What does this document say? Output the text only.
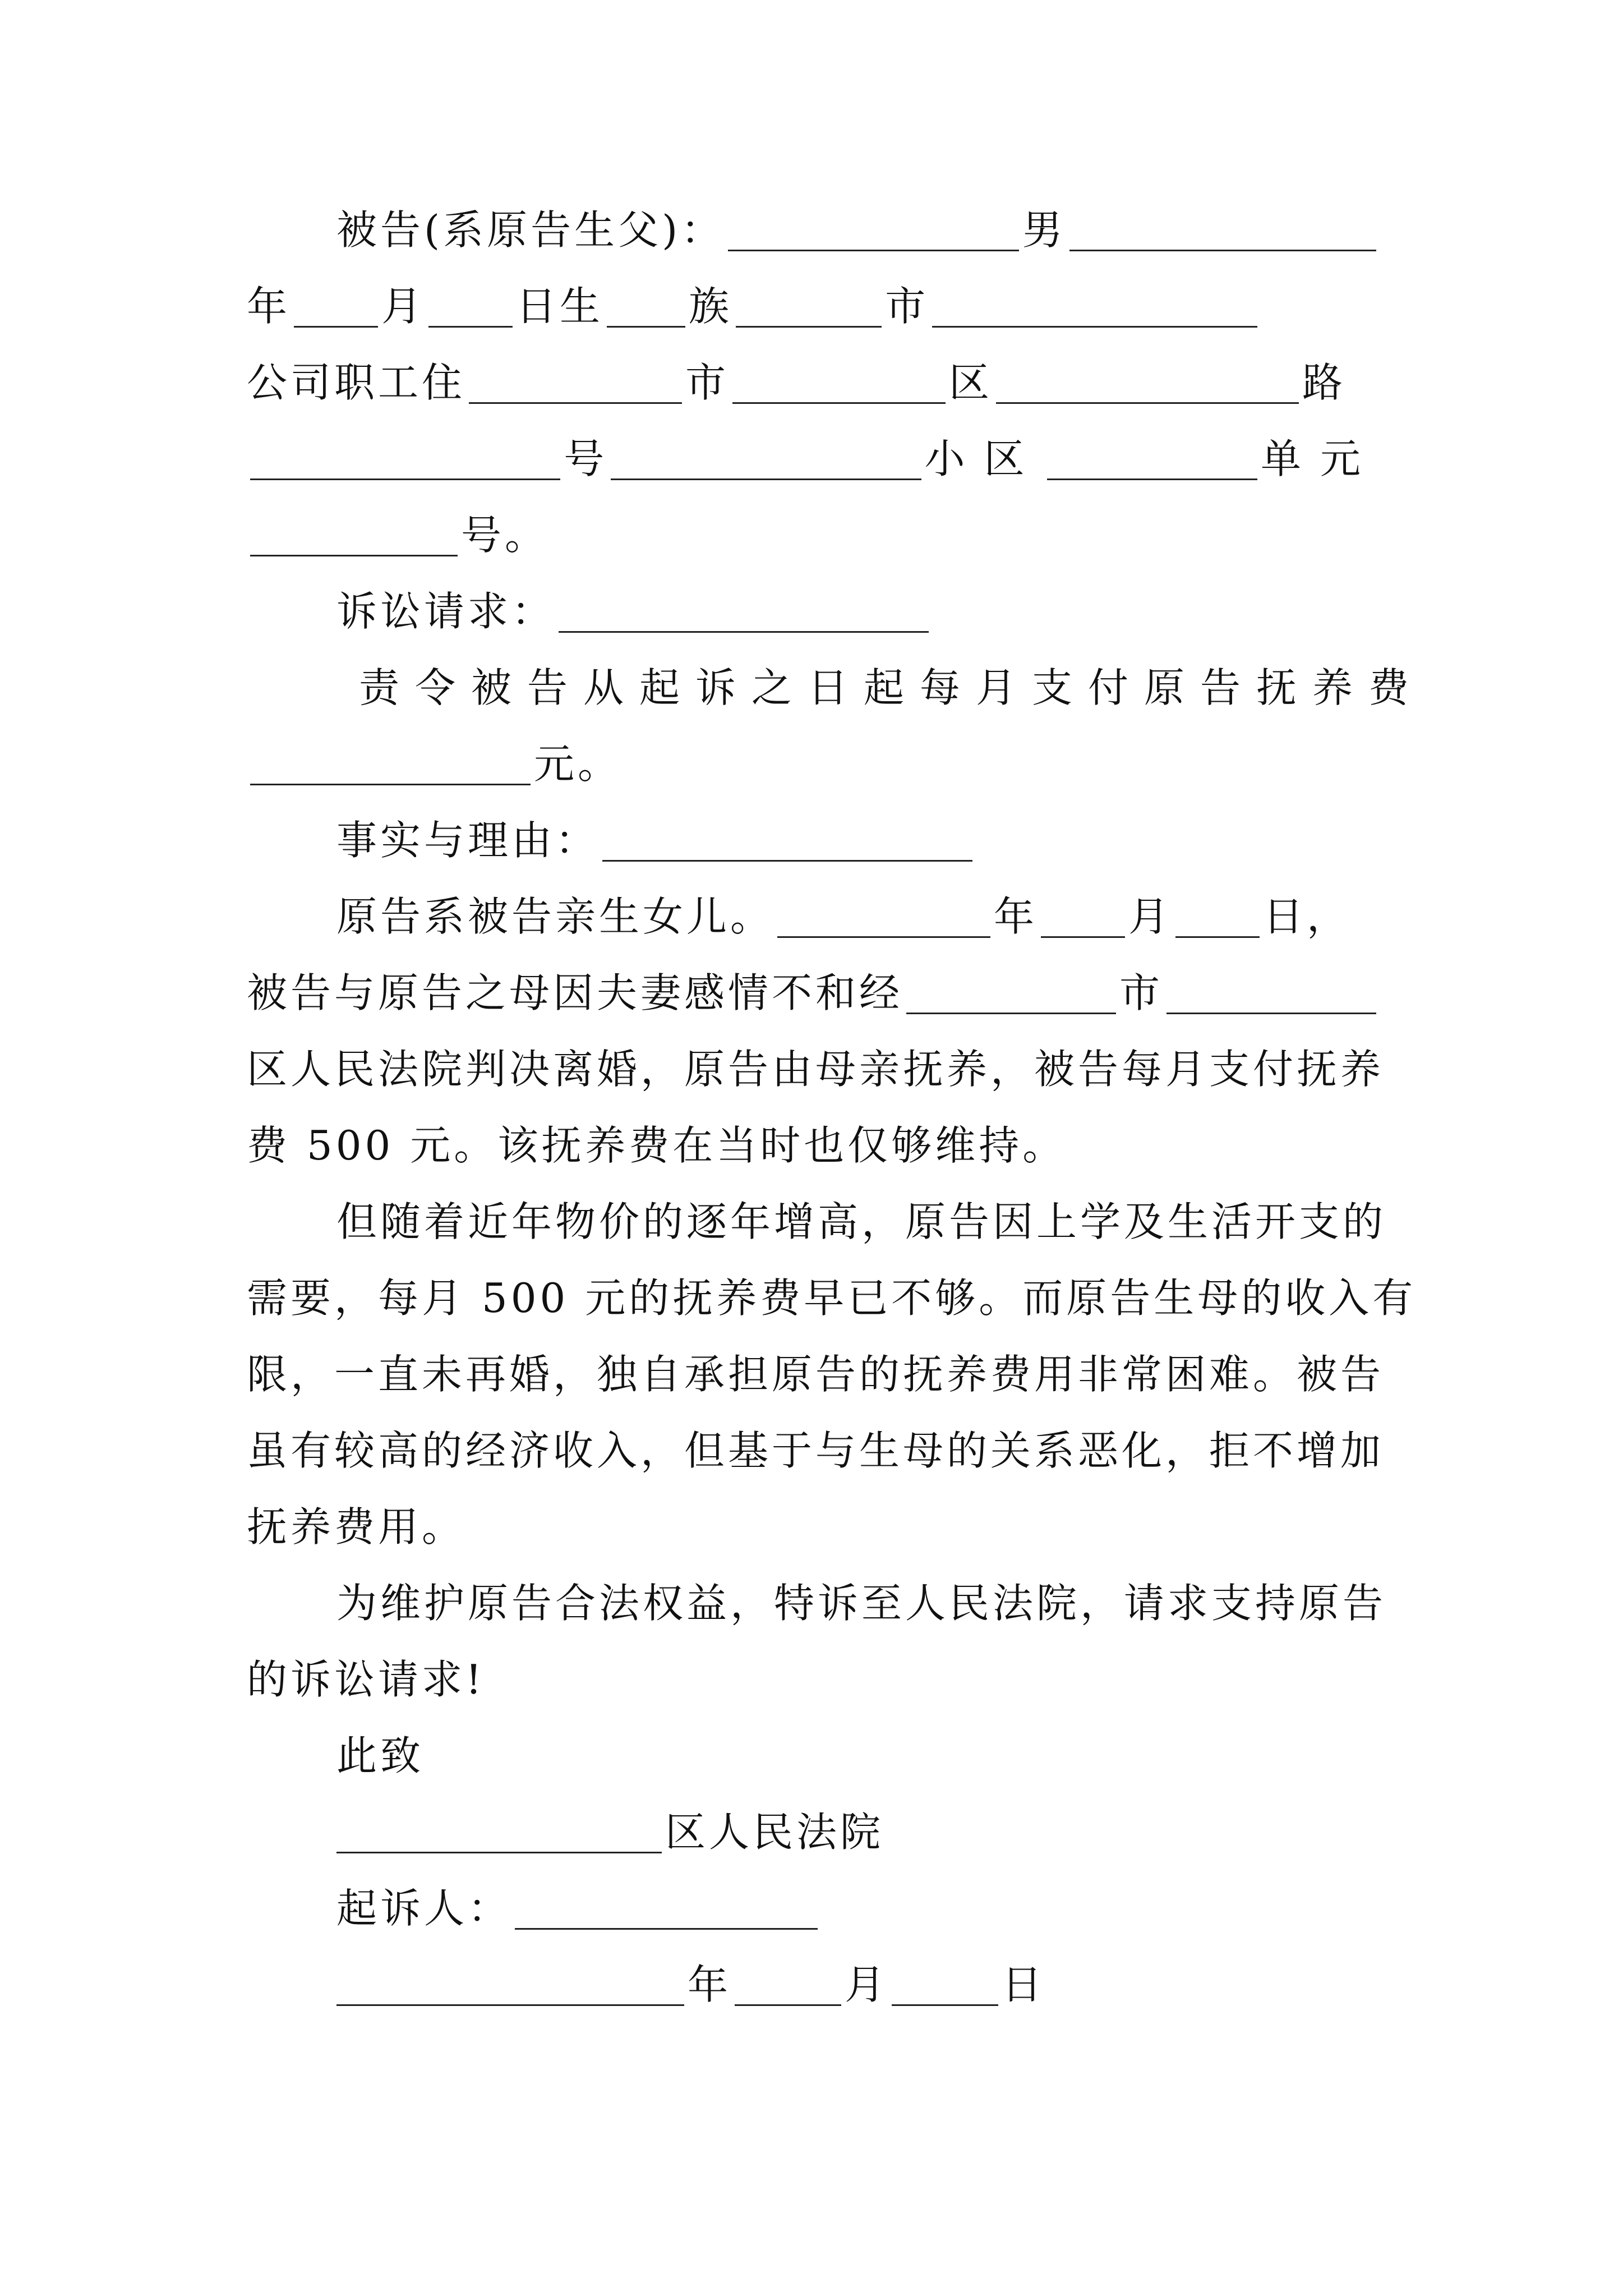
被告(系原告生父)：	男
年 月 日生 族	市
公司职工住	市	区	路
号	小区	单元
号。
诉讼请求：
责令被告从起诉之日起每月支付原告抚养费
元。
事实与理由：
原告系被告亲生女儿。	年 月 日，
被告与原告之母因夫妻感情不和经	市
区人民法院判决离婚，原告由母亲抚养，被告每月支付抚养
费 500 元。该抚养费在当时也仅够维持。
但随着近年物价的逐年增高，原告因上学及生活开支的
需要，每月 500 元的抚养费早已不够。而原告生母的收入有
限，一直未再婚，独自承担原告的抚养费用非常困难。被告
虽有较高的经济收入，但基于与生母的关系恶化，拒不增加
抚养费用。
为维护原告合法权益，特诉至人民法院，请求支持原告
的诉讼请求!
此致
区人民法院
起诉人：
年	月	日
